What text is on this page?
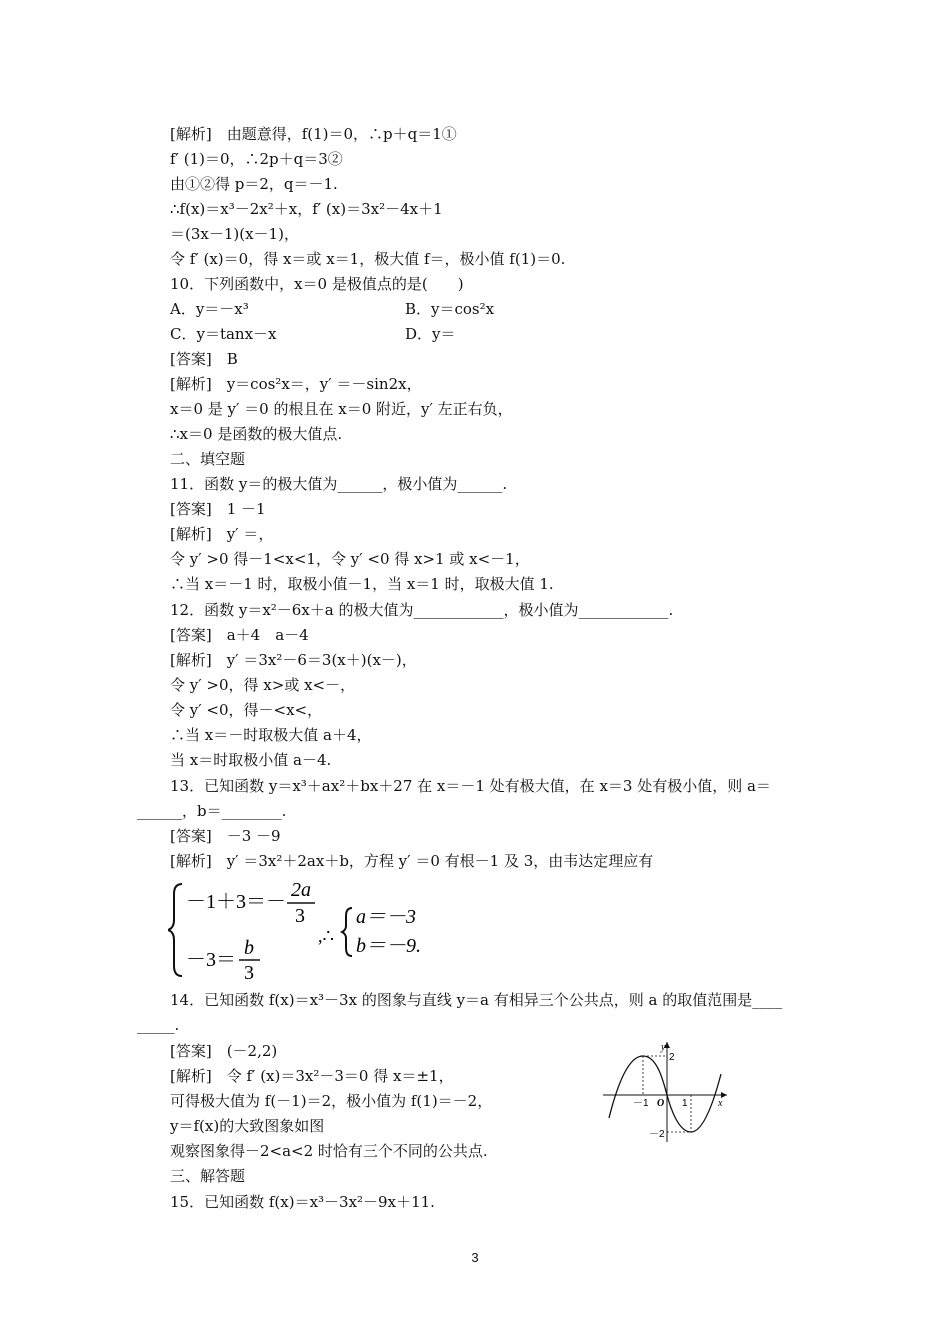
[解析]　由题意得，f(1)＝0，∴p＋q＝1①
f′ (1)＝0，∴2p＋q＝3②
由①②得 p＝2，q＝－1.
∴f(x)＝x³－2x²＋x，f′ (x)＝3x²－4x＋1
＝(3x－1)(x－1)，
令 f′ (x)＝0，得 x＝或 x＝1，极大值 f＝，极小值 f(1)＝0.
10．下列函数中，x＝0 是极值点的是(　　)
A．y＝－x³	B．y＝cos²x
C．y＝tanx－x	D．y＝
[答案]　B
[解析]　y＝cos²x＝，y′ ＝－sin2x，
x＝0 是 y′ ＝0 的根且在 x＝0 附近，y′ 左正右负，
∴x＝0 是函数的极大值点.
二、填空题
11．函数 y＝的极大值为______，极小值为______.
[答案]　1 －1
[解析]　y′ ＝，
令 y′ >0 得－1<x<1，令 y′ <0 得 x>1 或 x<－1，
∴当 x＝－1 时，取极小值－1，当 x＝1 时，取极大值 1.
12．函数 y＝x²－6x＋a 的极大值为____________，极小值为____________.
[答案]　a＋4　a－4
[解析]　y′ ＝3x²－6＝3(x＋)(x－)，
令 y′ >0，得 x>或 x<－，
令 y′ <0，得－<x<，
∴当 x＝－时取极大值 a＋4，
当 x＝时取极小值 a－4.
13．已知函数 y＝x³＋ax²＋bx＋27 在 x＝－1 处有极大值，在 x＝3 处有极小值，则 a＝
______，b＝________.
[答案]　－3 －9
[解析]　y′ ＝3x²＋2ax＋b，方程 y′ ＝0 有根－1 及 3，由韦达定理应有
－1＋3＝－
2a
3
－3＝
b
3
,∴
a＝－3
b＝－9.
14．已知函数 f(x)＝x³－3x 的图象与直线 y＝a 有相异三个公共点，则 a 的取值范围是____
_____.
[答案]　(－2,2)
[解析]　令 f′ (x)＝3x²－3＝0 得 x＝±1，
可得极大值为 f(－1)＝2，极小值为 f(1)＝－2，
y＝f(x)的大致图象如图
观察图象得－2<a<2 时恰有三个不同的公共点.
三、解答题
15．已知函数 f(x)＝x³－3x²－9x＋11.
y
x
2
－2
－1 O 1
3
